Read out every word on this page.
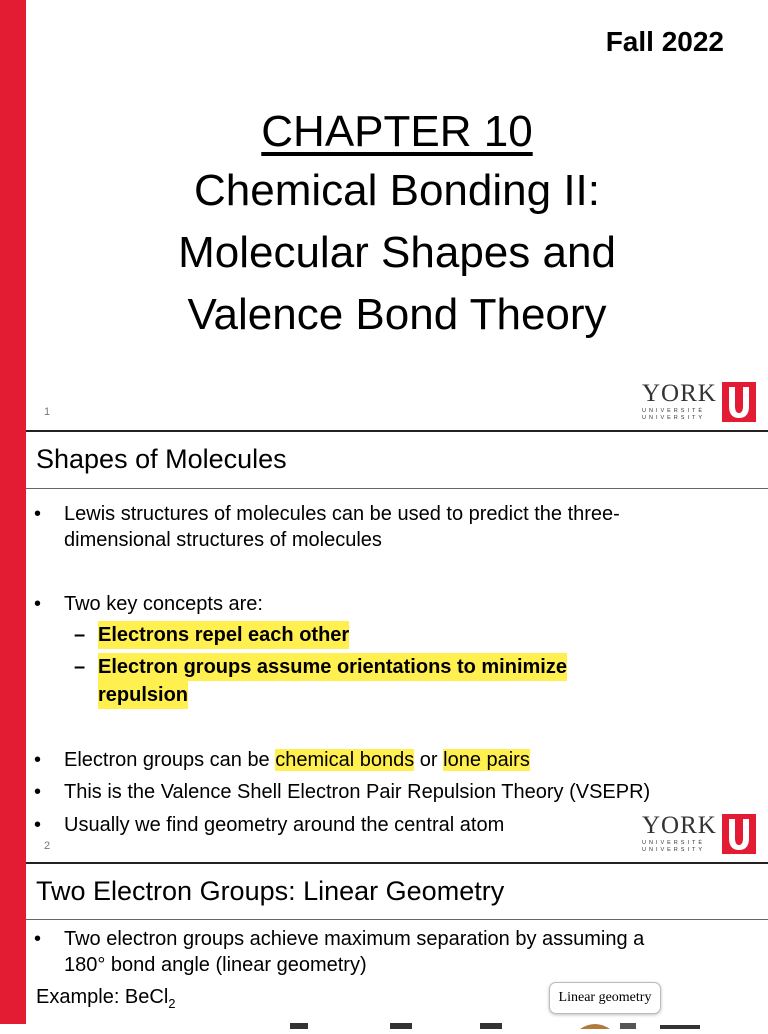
Fall 2022
CHAPTER 10
Chemical Bonding II:
Molecular Shapes and
Valence Bond Theory
1
YORK
UNIVERSITÉ
UNIVERSITY
Shapes of Molecules
• Lewis structures of molecules can be used to predict the three-
dimensional structures of molecules
• Two key concepts are:
– Electrons repel each other
– Electron groups assume orientations to minimize
repulsion
• Electron groups can be chemical bonds or lone pairs
• This is the Valence Shell Electron Pair Repulsion Theory (VSEPR)
• Usually we find geometry around the central atom
2
YORK
UNIVERSITÉ
UNIVERSITY
Two Electron Groups: Linear Geometry
• Two electron groups achieve maximum separation by assuming a
180° bond angle (linear geometry)
Example: BeCl$_2$	Linear geometry
